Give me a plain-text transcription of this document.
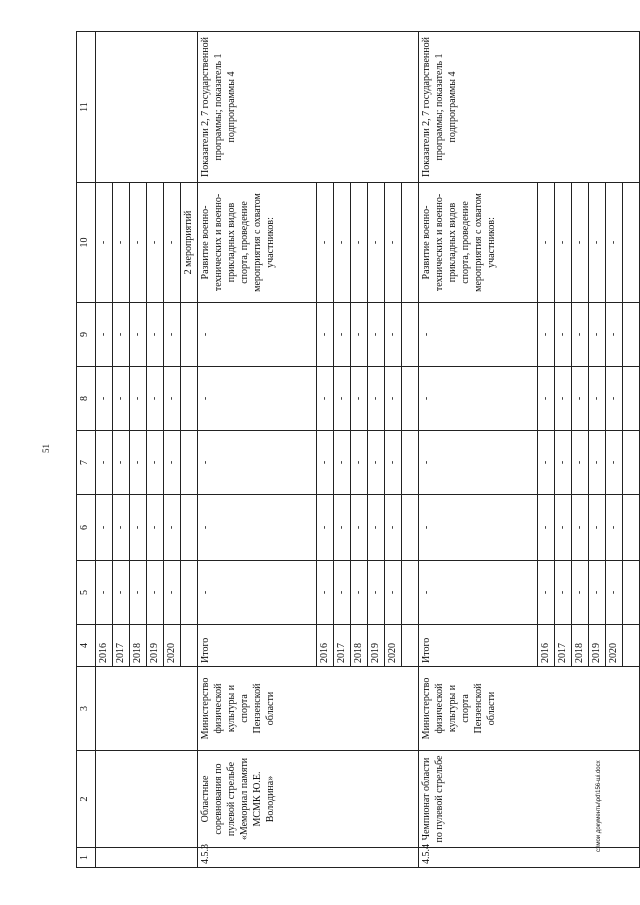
51
c:\мои документы\pd\156-ші.docx
1	2	3	4	5	6	7	8	9	10	11
			2016	-	-	-	-	-	-	
			2017	-	-	-	-	-	-	
			2018	-	-	-	-	-	-	
			2019	-	-	-	-	-	-	
			2020	-	-	-	-	-	-	
									2 мероприятий	
4.5.3	Областные соревнования по пулевой стрельбе «Мемориал памяти МСМК Ю.Е. Володина»	Министерство физической культуры и спорта Пензенской области	Итого	-	-	-	-	-	Развитие военно-технических и военно-прикладных видов спорта, проведение мероприятия с охватом участников:	Показатели 2, 7 государственной программы; показатель 1 подпрограммы 4
			2016	-	-	-	-	-	-	
			2017	-	-	-	-	-	-	
			2018	-	-	-	-	-	-	
			2019	-	-	-	-	-	-	
			2020	-	-	-	-	-	-	

4.5.4	Чемпионат области по пулевой стрельбе	Министерство физической культуры и спорта Пензенской области	Итого	-	-	-	-	-	Развитие военно-технических и военно-прикладных видов спорта, проведение мероприятия с охватом участников:	Показатели 2, 7 государственной программы; показатель 1 подпрограммы 4
			2016	-	-	-	-	-	-	
			2017	-	-	-	-	-	-	
			2018	-	-	-	-	-	-	
			2019	-	-	-	-	-	-	
			2020	-	-	-	-	-	-	
